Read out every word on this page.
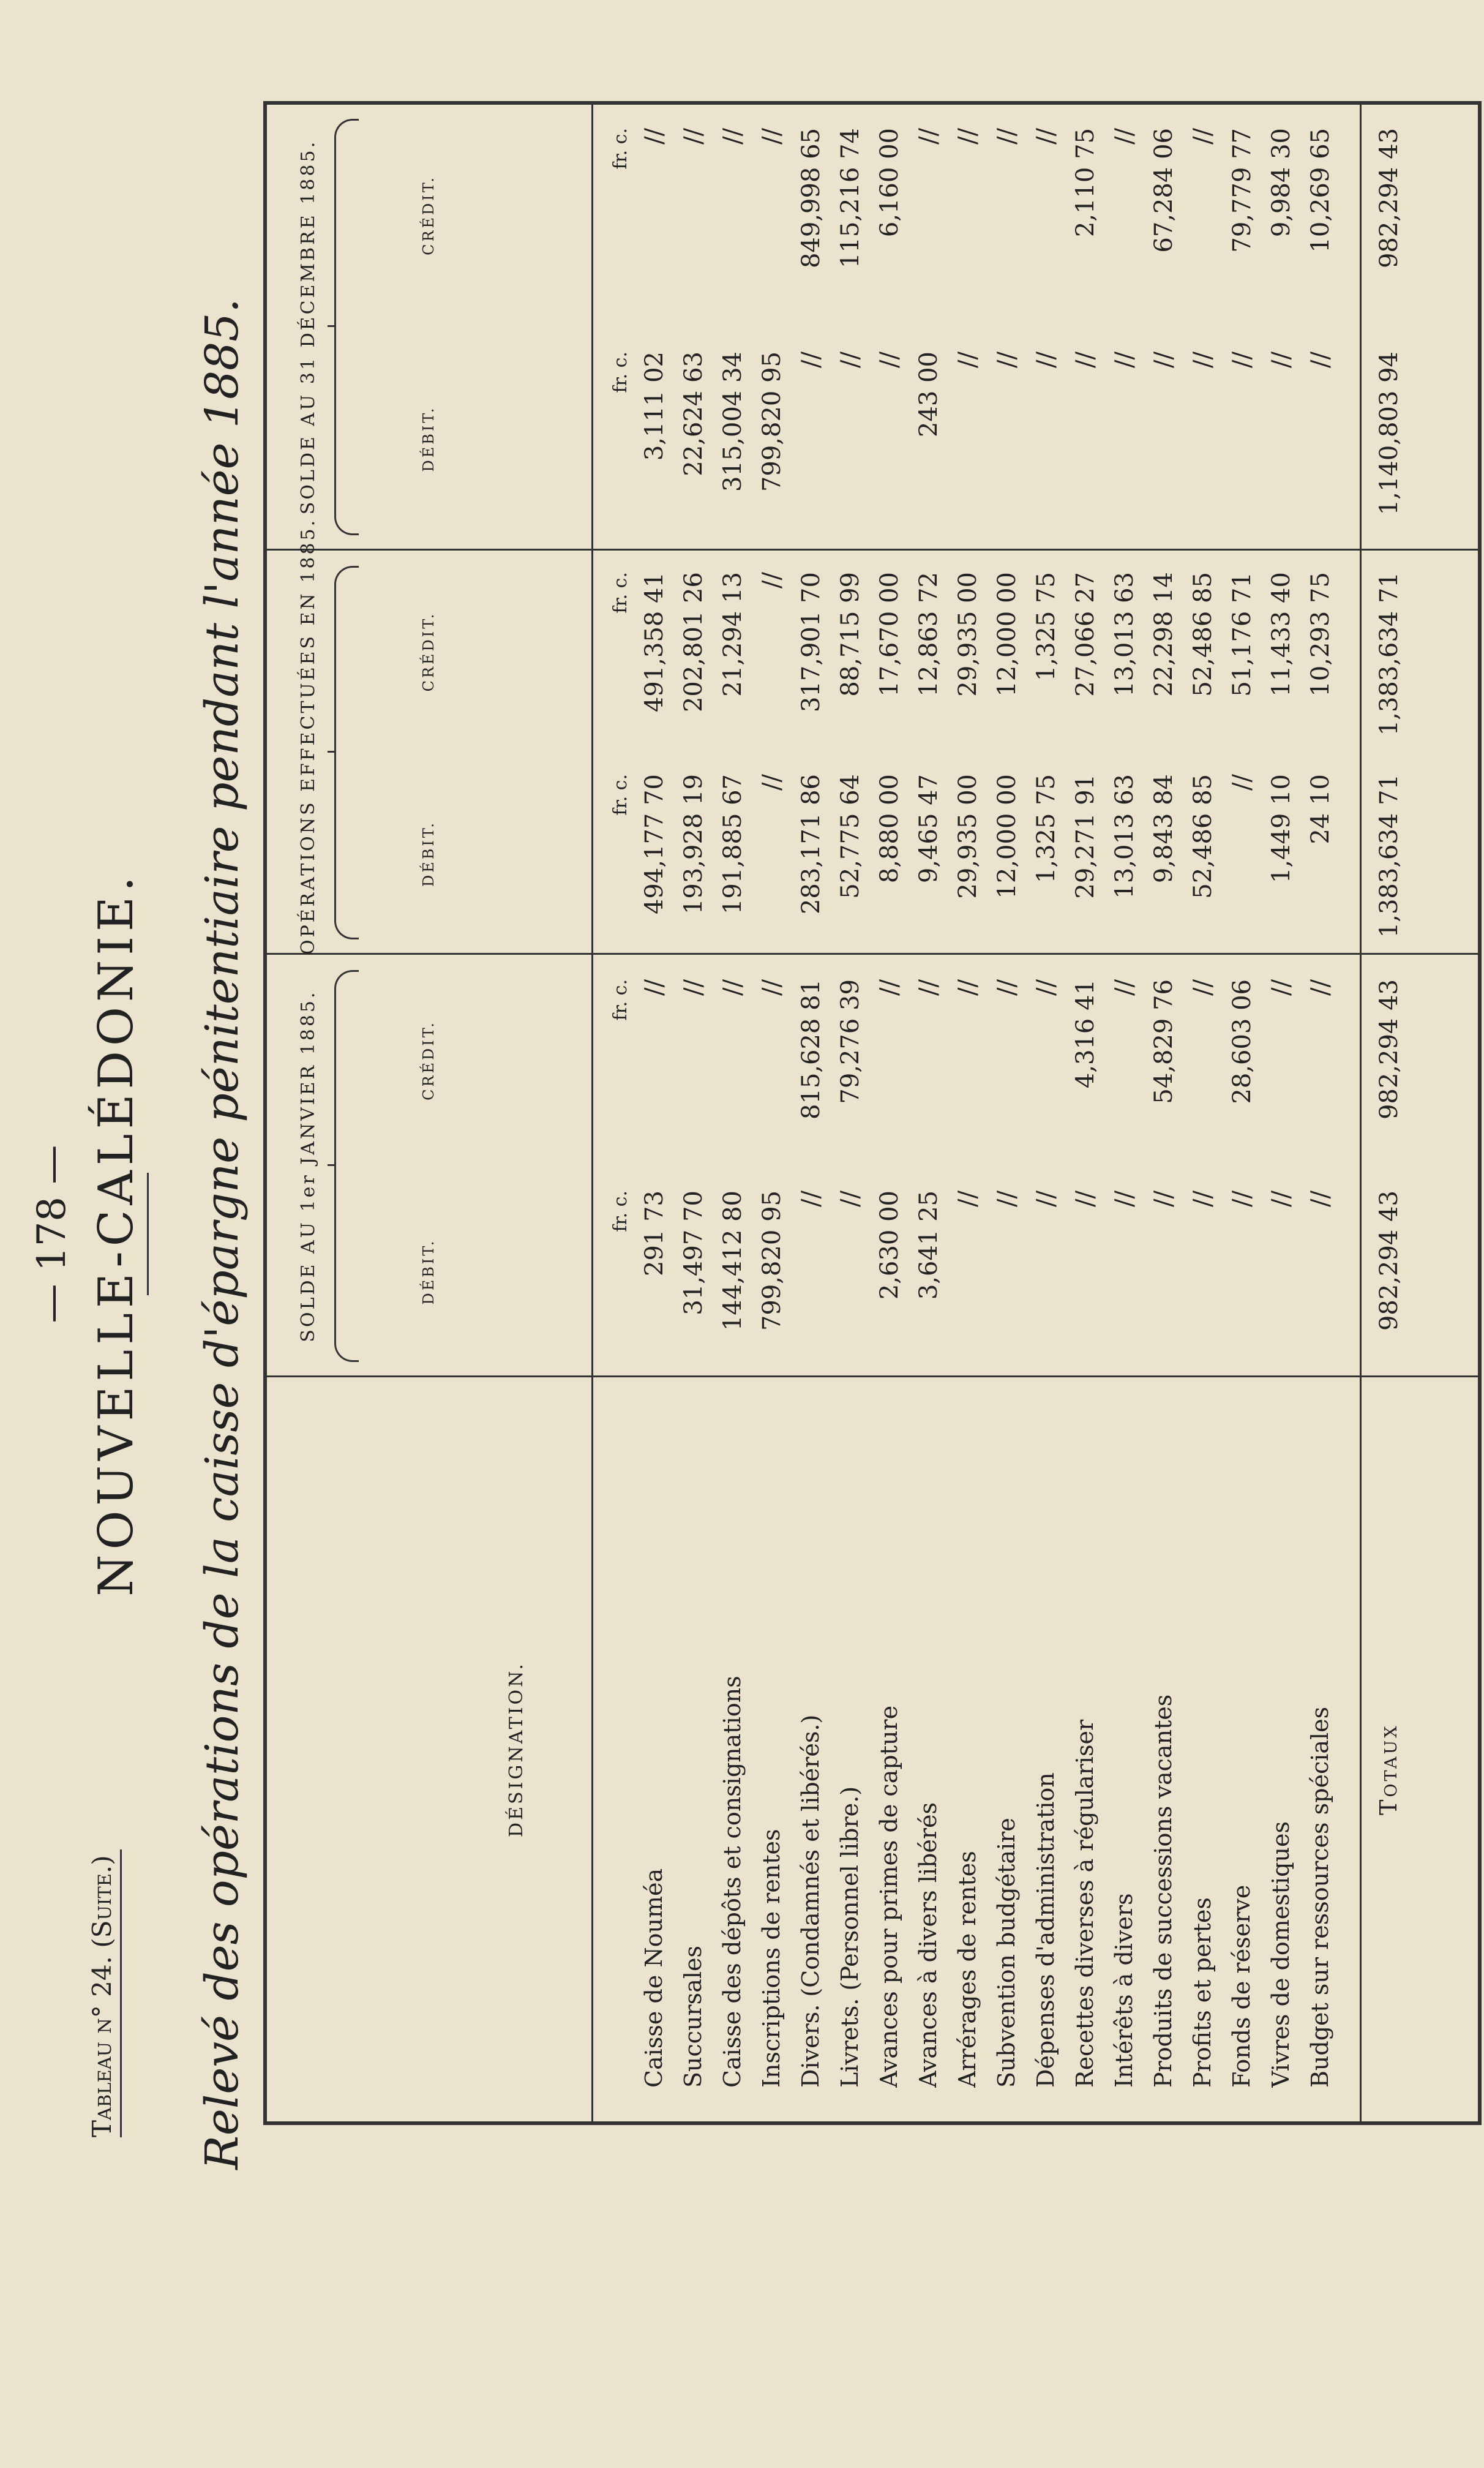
— 178 —
Tableau n° 24. (Suite.)
NOUVELLE-CALÉDONIE. Relevé des opérations de la caisse d'épargne pénitentiaire pendant l'année 1885.	DÉSIGNATION.
SOLDE AU 1er JANVIER 1885.
OPÉRATIONS EFFECTUÉES EN 1885.
SOLDE AU 31 DÉCEMBRE 1885.
DÉBIT.
CRÉDIT.
DÉBIT.
CRÉDIT.
DÉBIT.
CRÉDIT.
fr. c.
fr. c.
fr. c.
fr. c.
fr. c.
fr. c.
Caisse de Nouméa
291 73
//
494,177 70
491,358 41
3,111 02
//
Succursales
31,497 70
//
193,928 19
202,801 26
22,624 63
//
Caisse des dépôts et consignations
144,412 80
//
191,885 67
21,294 13
315,004 34
//
Inscriptions de rentes
799,820 95
//
//
//
799,820 95
//
Divers. (Condamnés et libérés.)
//
815,628 81
283,171 86
317,901 70
//
849,998 65
Livrets. (Personnel libre.)
//
79,276 39
52,775 64
88,715 99
//
115,216 74
Avances pour primes de capture
2,630 00
//
8,880 00
17,670 00
//
6,160 00
Avances à divers libérés
3,641 25
//
9,465 47
12,863 72
243 00
//
Arrérages de rentes
//
//
29,935 00
29,935 00
//
//
Subvention budgétaire
//
//
12,000 00
12,000 00
//
//
Dépenses d'administration
//
//
1,325 75
1,325 75
//
//
Recettes diverses à régulariser
//
4,316 41
29,271 91
27,066 27
//
2,110 75
Intérêts à divers
//
//
13,013 63
13,013 63
//
//
Produits de successions vacantes
//
54,829 76
9,843 84
22,298 14
//
67,284 06
Profits et pertes
//
//
52,486 85
52,486 85
//
//
Fonds de réserve
//
28,603 06
//
51,176 71
//
79,779 77
Vivres de domestiques
//
//
1,449 10
11,433 40
//
9,984 30
Budget sur ressources spéciales
//
//
24 10
10,293 75
//
10,269 65
Totaux
982,294 43
982,294 43
1,383,634 71
1,383,634 71
1,140,803 94
982,294 43
